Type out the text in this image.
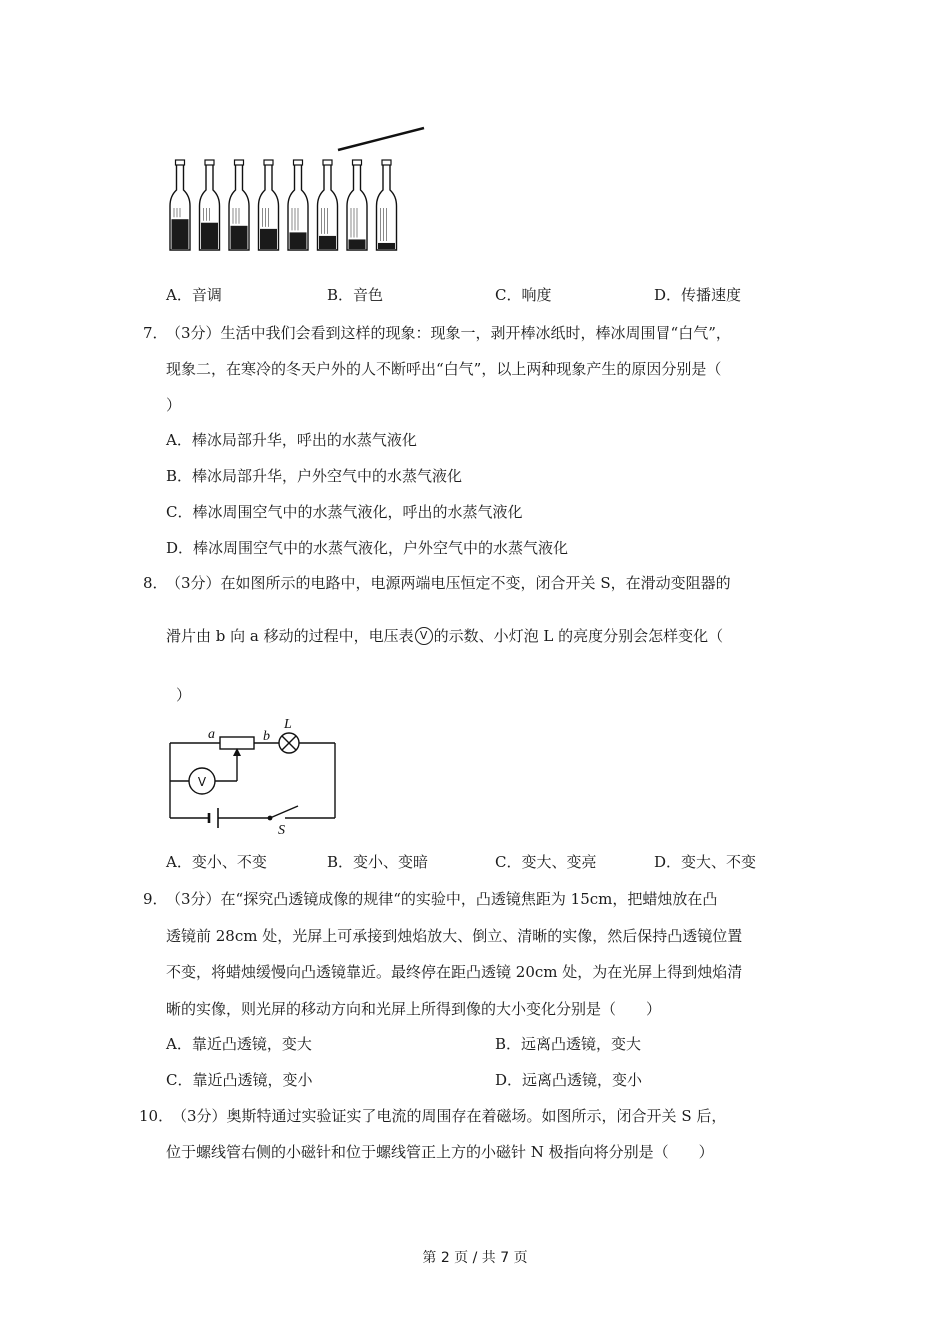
A．音调	B．音色	C．响度	D．传播速度
7．
（3分）生活中我们会看到这样的现象：现象一，剥开棒冰纸时，棒冰周围冒“白气”，
现象二，在寒冷的冬天户外的人不断呼出“白气”，以上两种现象产生的原因分别是（
）
A．棒冰局部升华，呼出的水蒸气液化
B．棒冰局部升华，户外空气中的水蒸气液化
C．棒冰周围空气中的水蒸气液化，呼出的水蒸气液化
D．棒冰周围空气中的水蒸气液化，户外空气中的水蒸气液化
8．
（3分）在如图所示的电路中，电源两端电压恒定不变，闭合开关 S，在滑动变阻器的
滑片由 b 向 a 移动的过程中，电压表 V 的示数、小灯泡 L 的亮度分别会怎样变化（
）
a	b
L
S
V
A．变小、不变	B．变小、变暗	C．变大、变亮	D．变大、不变
9．
（3分）在“探究凸透镜成像的规律“的实验中，凸透镜焦距为 15cm，把蜡烛放在凸
透镜前 28cm 处，光屏上可承接到烛焰放大、倒立、清晰的实像，然后保持凸透镜位置
不变，将蜡烛缓慢向凸透镜靠近。最终停在距凸透镜 20cm 处，为在光屏上得到烛焰清
晰的实像，则光屏的移动方向和光屏上所得到像的大小变化分别是（　　）
A．靠近凸透镜，变大	B．远离凸透镜，变大
C．靠近凸透镜，变小	D．远离凸透镜，变小
10．
（3分）奥斯特通过实验证实了电流的周围存在着磁场。如图所示，闭合开关 S 后，
位于螺线管右侧的小磁针和位于螺线管正上方的小磁针 N 极指向将分别是（　　）
第 2 页 / 共 7 页
